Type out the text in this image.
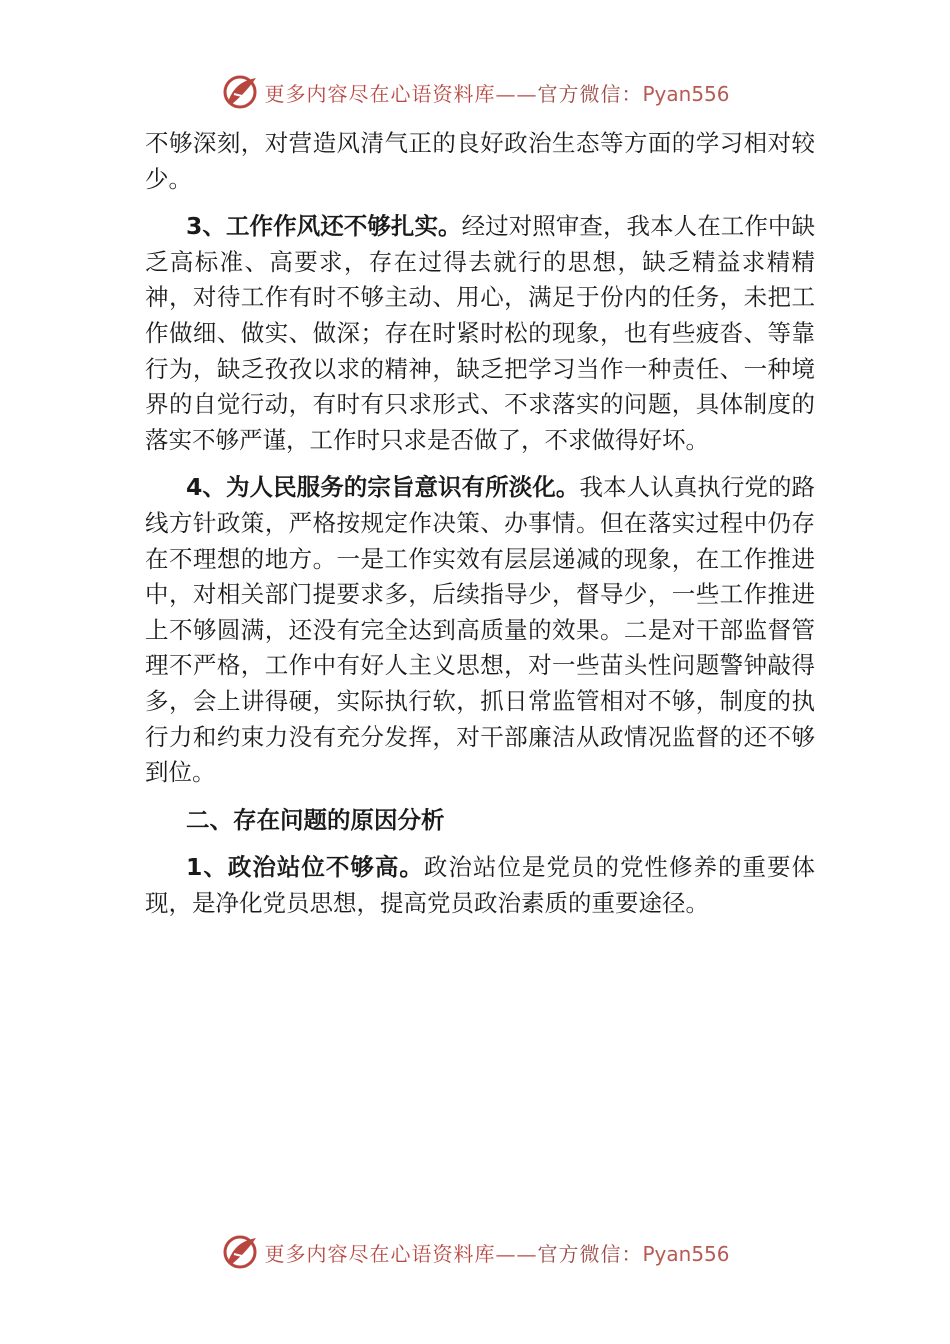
更多内容尽在心语资料库——官方微信：Pyan556

不够深刻，对营造风清气正的良好政治生态等方面的学习相对较少。

3、工作作风还不够扎实。经过对照审查，我本人在工作中缺乏高标准、高要求，存在过得去就行的思想，缺乏精益求精精神，对待工作有时不够主动、用心，满足于份内的任务，未把工作做细、做实、做深；存在时紧时松的现象，也有些疲沓、等靠行为，缺乏孜孜以求的精神，缺乏把学习当作一种责任、一种境界的自觉行动，有时有只求形式、不求落实的问题，具体制度的落实不够严谨，工作时只求是否做了，不求做得好坏。

4、为人民服务的宗旨意识有所淡化。我本人认真执行党的路线方针政策，严格按规定作决策、办事情。但在落实过程中仍存在不理想的地方。一是工作实效有层层递减的现象，在工作推进中，对相关部门提要求多，后续指导少，督导少，一些工作推进上不够圆满，还没有完全达到高质量的效果。二是对干部监督管理不严格，工作中有好人主义思想，对一些苗头性问题警钟敲得多，会上讲得硬，实际执行软，抓日常监管相对不够，制度的执行力和约束力没有充分发挥，对干部廉洁从政情况监督的还不够到位。

二、存在问题的原因分析

1、政治站位不够高。政治站位是党员的党性修养的重要体现，是净化党员思想，提高党员政治素质的重要途径。

更多内容尽在心语资料库——官方微信：Pyan556
